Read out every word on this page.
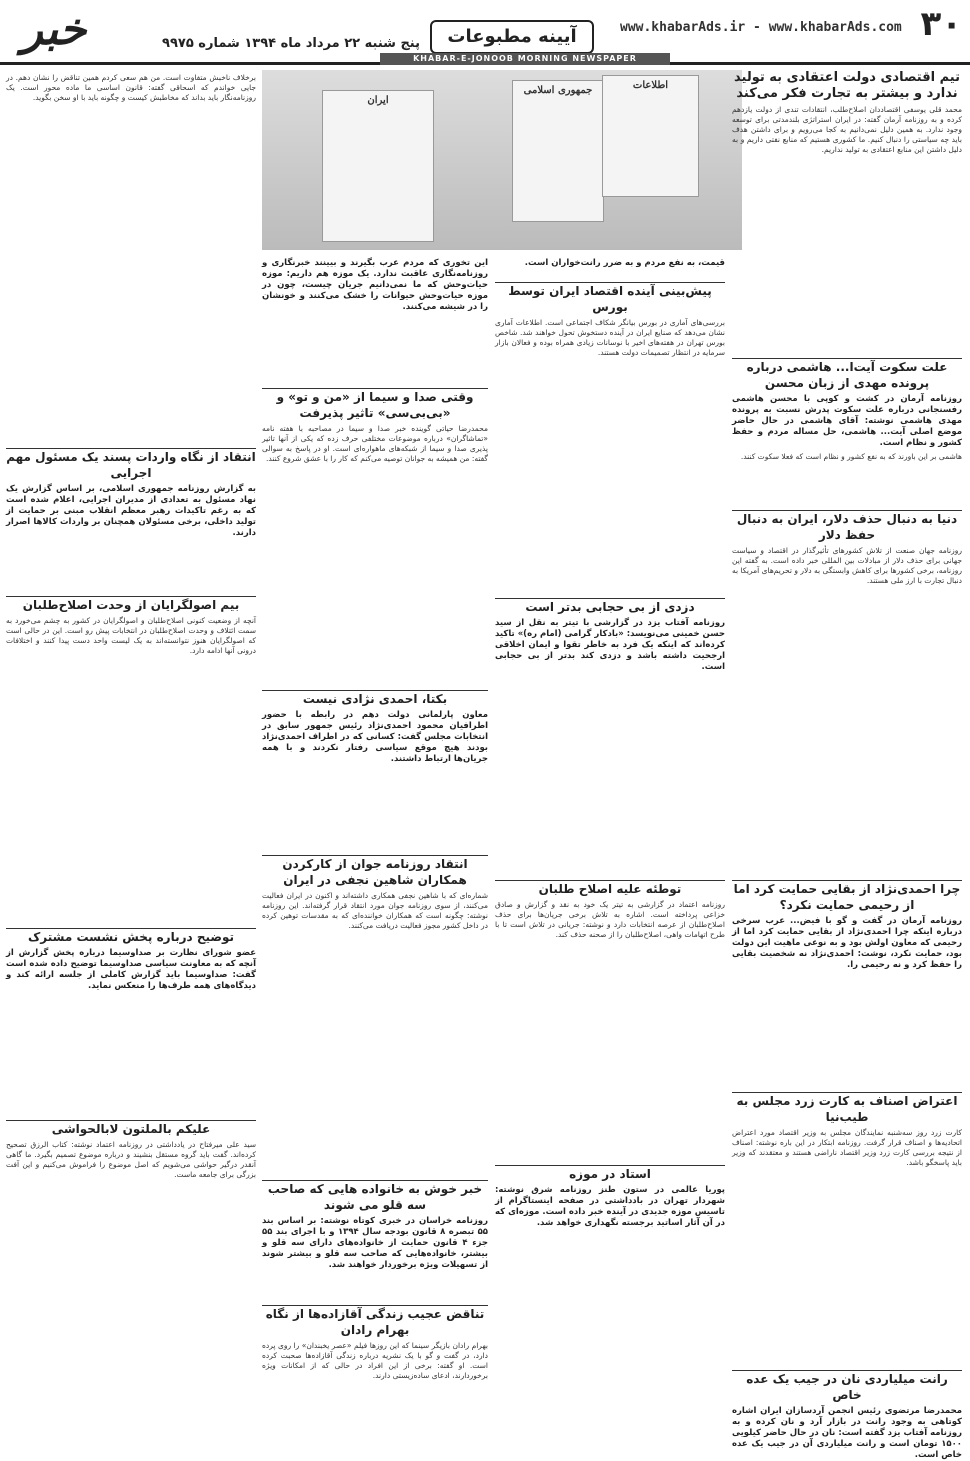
۳۰
www.khabarAds.ir - www.khabarAds.com
آیینه مطبوعات
پنج شنبه ۲۲ مرداد ماه ۱۳۹۴ شماره ۹۹۷۵
خبر
KHABAR-E-JONOOB MORNING NEWSPAPER
جمهوری اسلامی	اطلاعات
ایران

تیم اقتصادی دولت اعتقادی به تولید ندارد و بیشتر به تجارت فکر می‌کند

محمد قلی یوسفی اقتصاددان اصلاح‌طلب، انتقادات تندی از دولت یازدهم کرده و به روزنامه آرمان گفته: در ایران استراتژی بلندمدتی برای توسعه وجود ندارد. به همین دلیل نمی‌دانیم به کجا می‌رویم و برای داشتن هدف باید چه سیاستی را دنبال کنیم. ما کشوری هستیم که منابع نفتی داریم و به دلیل داشتن این منابع اعتقادی به تولید نداریم.

علت سکوت آیت‌ا... هاشمی درباره پرونده مهدی از زبان محسن

روزنامه آرمان در کشت و کوپی با محسن هاشمی رفسنجانی درباره علت سکوت پدرش نسبت به پرونده مهدی هاشمی نوشته: آقای هاشمی در حال حاضر موضع اصلی آیت... هاشمی، حل مساله مردم و حفظ کشور و نظام است.

هاشمی بر این باورند که به نفع کشور و نظام است که فعلا سکوت کنند.

دنیا به دنبال حذف دلار، ایران به دنبال حفظ دلار

روزنامه جهان صنعت از تلاش کشورهای تأثیرگذار در اقتصاد و سیاست جهانی برای حذف دلار از مبادلات بین المللی خبر داده است. به گفته این روزنامه، برخی کشورها برای کاهش وابستگی به دلار و تحریم‌های آمریکا به دنبال تجارت با ارز ملی هستند.

چرا احمدی‌نژاد از بقایی حمایت کرد اما از رحیمی حمایت نکرد؟

روزنامه آرمان در گفت و گو با فیض... عرب سرخی درباره اینکه چرا احمدی‌نژاد از بقایی حمایت کرد اما از رحیمی که معاون اولش بود و به نوعی ماهیت این دولت بود، حمایت نکرد، نوشت: احمدی‌نژاد نه شخصیت بقایی را حفظ کرد و نه رحیمی را.

اعتراض اصناف به کارت زرد مجلس به طیب‌نیا

کارت زرد روز سه‌شنبه نمایندگان مجلس به وزیر اقتصاد مورد اعتراض اتحادیه‌ها و اصناف قرار گرفت. روزنامه ابتکار در این باره نوشته: اصناف از نتیجه بررسی کارت زرد وزیر اقتصاد ناراضی هستند و معتقدند که وزیر باید پاسخگو باشد.

رانت میلیاردی نان در جیب یک عده خاص

محمدرضا مرتضوی رئیس انجمن آردسازان ایران اشاره کوتاهی به وجود رانت در بازار آرد و نان کرده و به روزنامه آفتاب یزد گفته است: نان در حال حاضر کیلویی ۱۵۰۰ تومان است و رانت میلیاردی آن در جیب یک عده خاص است.

قیمت، به نفع مردم و به ضرر رانت‌خواران است.

پیش‌بینی آینده اقتصاد ایران توسط بورس

بررسی‌های آماری در بورس بیانگر شکاف اجتماعی است. اطلاعات آماری نشان می‌دهد که صنایع ایران در آینده دستخوش تحول خواهند شد. شاخص بورس تهران در هفته‌های اخیر با نوسانات زیادی همراه بوده و فعالان بازار سرمایه در انتظار تصمیمات دولت هستند.

دزدی از بی حجابی بدتر است

روزنامه آفتاب یزد در گزارشی با تیتر به نقل از سید حسن خمینی می‌نویسد: «بادکار گرامی (امام ره)» تاکید کرده‌اند که اینکه یک فرد به خاطر تقوا و ایمان اخلاقی ارجحیت داشته باشد و دزدی کند بدتر از بی حجابی است.

توطئه علیه اصلاح طلبان

روزنامه اعتماد در گزارشی به تیتر یک خود به نقد و گزارش و صادق خزاعی پرداخته است. اشاره به تلاش برخی جریان‌ها برای حذف اصلاح‌طلبان از عرصه انتخابات دارد و نوشته: جریانی در تلاش است تا با طرح اتهامات واهی، اصلاح‌طلبان را از صحنه حذف کند.

استاد در موزه

پوریا عالمی در ستون طنز روزنامه شرق نوشته: شهردار تهران در بادداشتی در صفحه اینستاگرام از تاسیس موزه جدیدی در آینده خبر داده است. موزه‌ای که در آن آثار اساتید برجسته نگهداری خواهد شد.

این تخوری که مردم عرب بگیرند و بیینند خبرنگاری و روزنامه‌نگاری عاقبت ندارد. یک موزه هم داریم: موزه حیات‌وحش که ما نمی‌دانیم جریان چیست، چون در موزه حیات‌وحش حیوانات را خشک می‌کنند و خونشان را در شیشه می‌کنند.

وقتی صدا و سیما از «من و تو» و «بی‌بی‌سی» تاثیر پذیرفت

محمدرضا حیاتی گوینده خبر صدا و سیما در مصاحبه با هفته نامه «تماشاگران» درباره موضوعات مختلفی حرف زده که یکی از آنها تاثیر پذیری صدا و سیما از شبکه‌های ماهواره‌ای است. او در پاسخ به سوالی گفته: من همیشه به جوانان توصیه می‌کنم که کار را با عشق شروع کنند.

بکتا، احمدی نژادی نیست

معاون پارلمانی دولت دهم در رابطه با حضور اطرافیان محمود احمدی‌نژاد رئیس جمهور سابق در انتخابات مجلس گفت: کسانی که در اطراف احمدی‌نژاد بودند هیچ موقع سیاسی رفتار نکردند و با همه جریان‌ها ارتباط داشتند.

انتقاد روزنامه جوان از کارکردن همکاران شاهین نجفی در ایران

شماره‌ای که با شاهین نجفی همکاری داشته‌اند و اکنون در ایران فعالیت می‌کنند، از سوی روزنامه جوان مورد انتقاد قرار گرفته‌اند. این روزنامه نوشته: چگونه است که همکاران خواننده‌ای که به مقدسات توهین کرده در داخل کشور مجوز فعالیت دریافت می‌کنند.

خبر خوش به خانواده هایی که صاحب سه قلو می شوند

روزنامه خراسان در خبری کوتاه نوشته: بر اساس بند ۵۵ تبصره ۸ قانون بودجه سال ۱۳۹۴ و با اجرای بند ۵۵ جزء ۴ قانون حمایت از خانواده‌های دارای سه قلو و بیشتر، خانواده‌هایی که صاحب سه قلو و بیشتر شوند از تسهیلات ویژه برخوردار خواهند شد.

تناقض عجیب زندگی آقازاده‌ها از نگاه بهرام رادان

بهرام رادان بازیگر سینما که این روزها فیلم «عصر یخبندان» را روی پرده دارد، در گفت و گو با یک نشریه درباره زندگی آقازاده‌ها صحبت کرده است. او گفته: برخی از این افراد در حالی که از امکانات ویژه برخوردارند، ادعای ساده‌زیستی دارند.

برخلاف ناخبش متفاوت است. من هم سعی کردم همین تناقض را نشان دهم. در جایی خواندم که اسحاقی گفته: قانون اساسی ما ماده محور است. یک روزنامه‌نگار باید بداند که مخاطبش کیست و چگونه باید با او سخن بگوید.

انتقاد از نگاه واردات پسند یک مسئول مهم اجرایی

به گزارش روزنامه جمهوری اسلامی، بر اساس گزارش یک نهاد مسئول به تعدادی از مدیران اجرایی، اعلام شده است که به رغم تاکیدات رهبر معظم انقلاب مبنی بر حمایت از تولید داخلی، برخی مسئولان همچنان بر واردات کالاها اصرار دارند.

بیم اصولگرایان از وحدت اصلاح‌طلبان

آنچه از وضعیت کنونی اصلاح‌طلبان و اصولگرایان در کشور به چشم می‌خورد به سمت ائتلاف و وحدت اصلاح‌طلبان در انتخابات پیش رو است. این در حالی است که اصولگرایان هنوز نتوانسته‌اند به یک لیست واحد دست پیدا کنند و اختلافات درونی آنها ادامه دارد.

توضیح درباره پخش نشست مشترک

عضو شورای نظارت بر صداوسیما درباره پخش گزارش از آنچه که به معاونت سیاسی صداوسیما توضیح داده شده است گفت: صداوسیما باید گزارش کاملی از جلسه ارائه کند و دیدگاه‌های همه طرف‌ها را منعکس نماید.

علیکم بالملتون لابالحواشی

سید علی میرفتاح در یادداشتی در روزنامه اعتماد نوشته: کتاب الرزق تصحیح کرده‌اند. گفت باید گروه مستقل بنشیند و درباره موضوع تصمیم بگیرد. ما گاهی آنقدر درگیر حواشی می‌شویم که اصل موضوع را فراموش می‌کنیم و این آفت بزرگی برای جامعه ماست.
